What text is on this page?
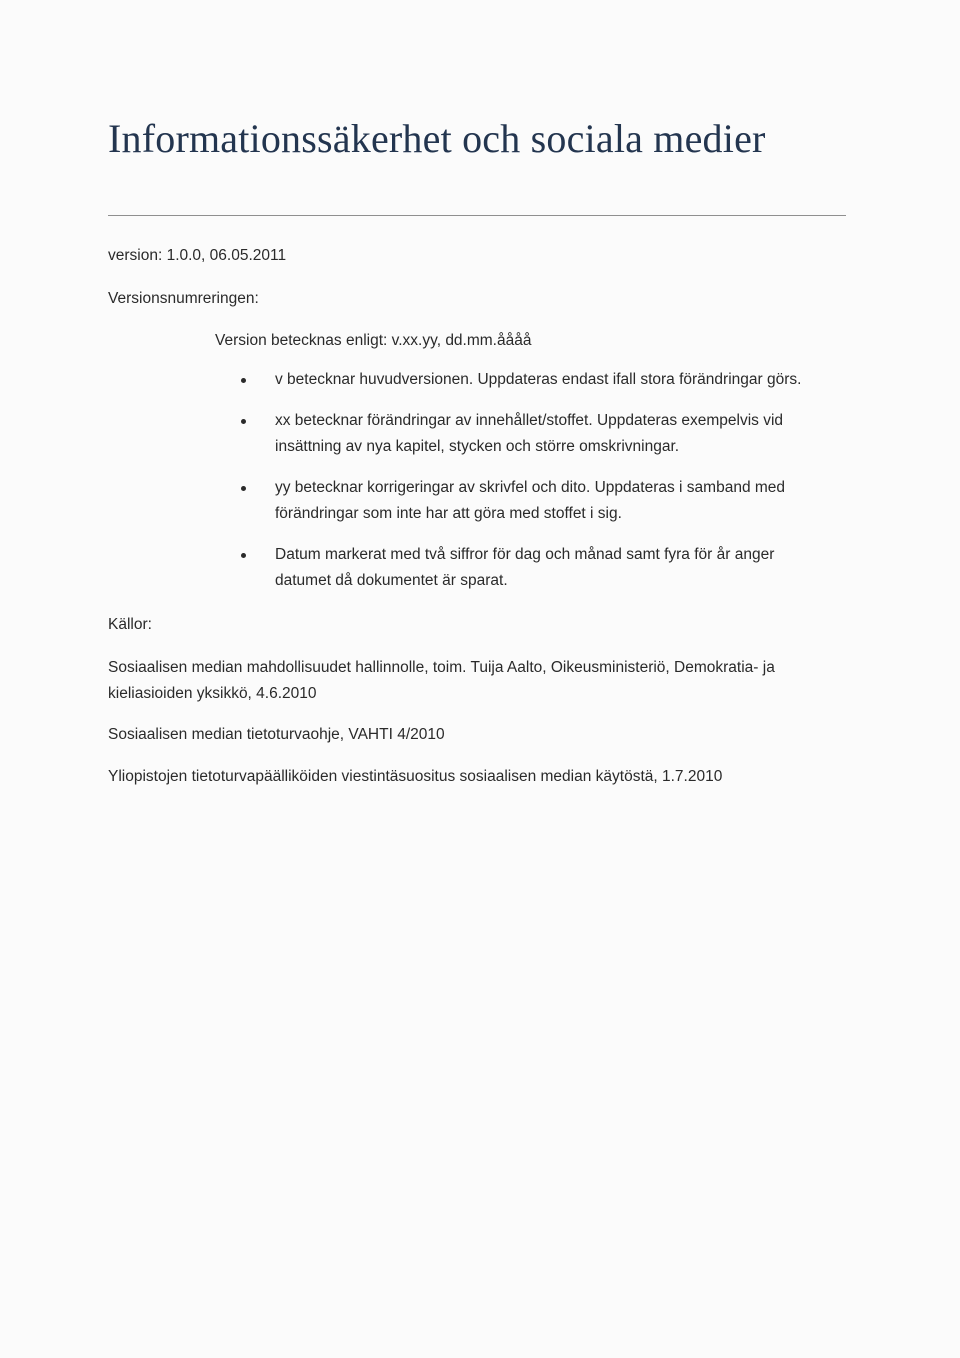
Informationssäkerhet och sociala medier
version: 1.0.0, 06.05.2011
Versionsnumreringen:
Version betecknas enligt: v.xx.yy, dd.mm.åååå
v betecknar huvudversionen. Uppdateras endast ifall stora förändringar görs.
xx betecknar förändringar av innehållet/stoffet. Uppdateras exempelvis vid insättning av nya kapitel, stycken och större omskrivningar.
yy betecknar korrigeringar av skrivfel och dito. Uppdateras i samband med förändringar som inte har att göra med stoffet i sig.
Datum markerat med två siffror för dag och månad samt fyra för år anger datumet då dokumentet är sparat.
Källor:
Sosiaalisen median mahdollisuudet hallinnolle, toim. Tuija Aalto, Oikeusministeriö, Demokratia- ja kieliasioiden yksikkö, 4.6.2010
Sosiaalisen median tietoturvaohje, VAHTI 4/2010
Yliopistojen tietoturvapäälliköiden viestintäsuositus sosiaalisen median käytöstä, 1.7.2010
